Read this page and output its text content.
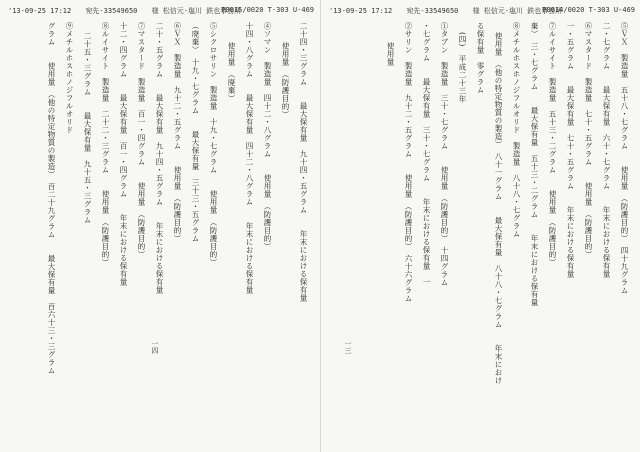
'13-09-25 17:12 宛先-33549650 様 松信元-塩川 鉄也事務所
P0015/0020 T-303 U-469
二十四・三グラム　　最大保有量　九十四・五グラム　　年末における保有量
使用量　（防護目的）
④ソマン　製造量　四十二・八グラム　　使用量　（防護目的）
十四・八グラム　　最大保有量　四十二・八グラム　　年末における保有量
使用量　（廃棄）
⑤シクロサリン　製造量　十九・七グラム　　使用量　（防護目的）
（廃棄）　十九・七グラム　　最大保有量　三十三・五グラム
⑥ＶＸ　製造量　九十二・五グラム　　使用量　（防護目的）
二十・五グラム　　最大保有量　九十四・五グラム　　年末における保有量
⑦マスタード　製造量　百一・四グラム　　使用量　（防護目的）
十二・四グラム　　最大保有量　百一・四グラム　　年末における保有量
⑧ルイサイト　製造量　二十二・三グラム　　使用量　（防護目的）
二十五・三グラム　　最大保有量　九十五・三グラム
⑨メチルホスホノジフルオリド
グラム　　使用量　（他の特定物質の製造）　百二十九グラム　　最大保有量　百六十三・三グラム	一四
'13-09-25 17:12 宛先-33549650 様 松信元-塩川 鉄也事務所
P0014/0020 T-303 U-469
⑤ＶＸ　製造量　五十八・七グラム　　使用量　（防護目的）　四十九グラム
二・七グラム　　最大保有量　六十・七グラム　　年末における保有量
⑥マスタード　製造量　七十・五グラム　　使用量　（防護目的）
一・五グラム　　最大保有量　七十・五グラム　　年末における保有量
⑦ルイサイト　製造量　五十三・二グラム　　使用量　（防護目的）
棄）　三・七グラム　　最大保有量　五十三・二グラム　　年末における保有量
⑧メチルホスホノジフルオリド　製造量　八十八・七グラム
使用量　（他の特定物質の製造）　八十一グラム　　最大保有量　八十八・七グラム　　年末におけ
る保有量　零グラム
(四)　平成二十三年
①タブン　製造量　三十・七グラム　　使用量　（防護目的）　十四グラム
・七グラム　　最大保有量　三十・七グラム　　年末における保有量　一
②サリン　製造量　九十二・五グラム　　使用量　（防護目的）　六十六グラム
使用量
一三
